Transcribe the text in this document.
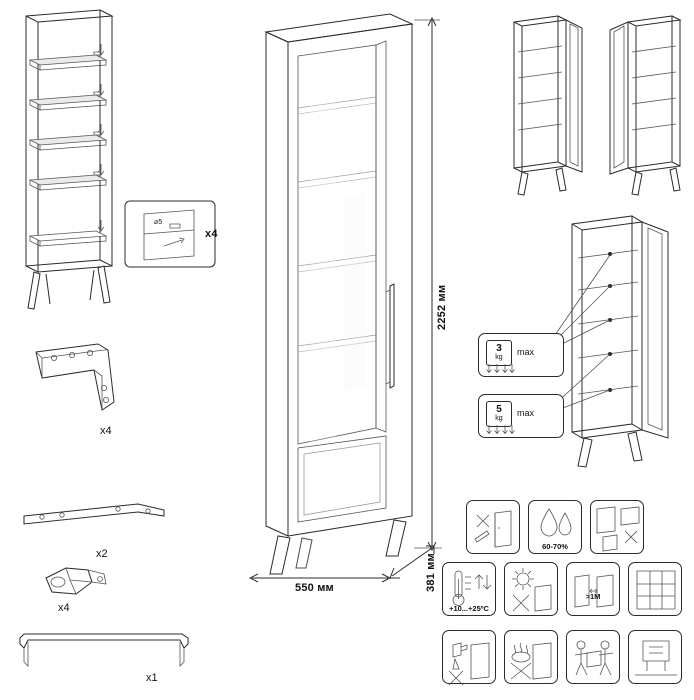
⌀5
x4
x4
x2
x4
x1
2252 мм
550 мм	381 мм
3
kg
max
5
kg
max
60-70%
+10...+25ºC
>1M
